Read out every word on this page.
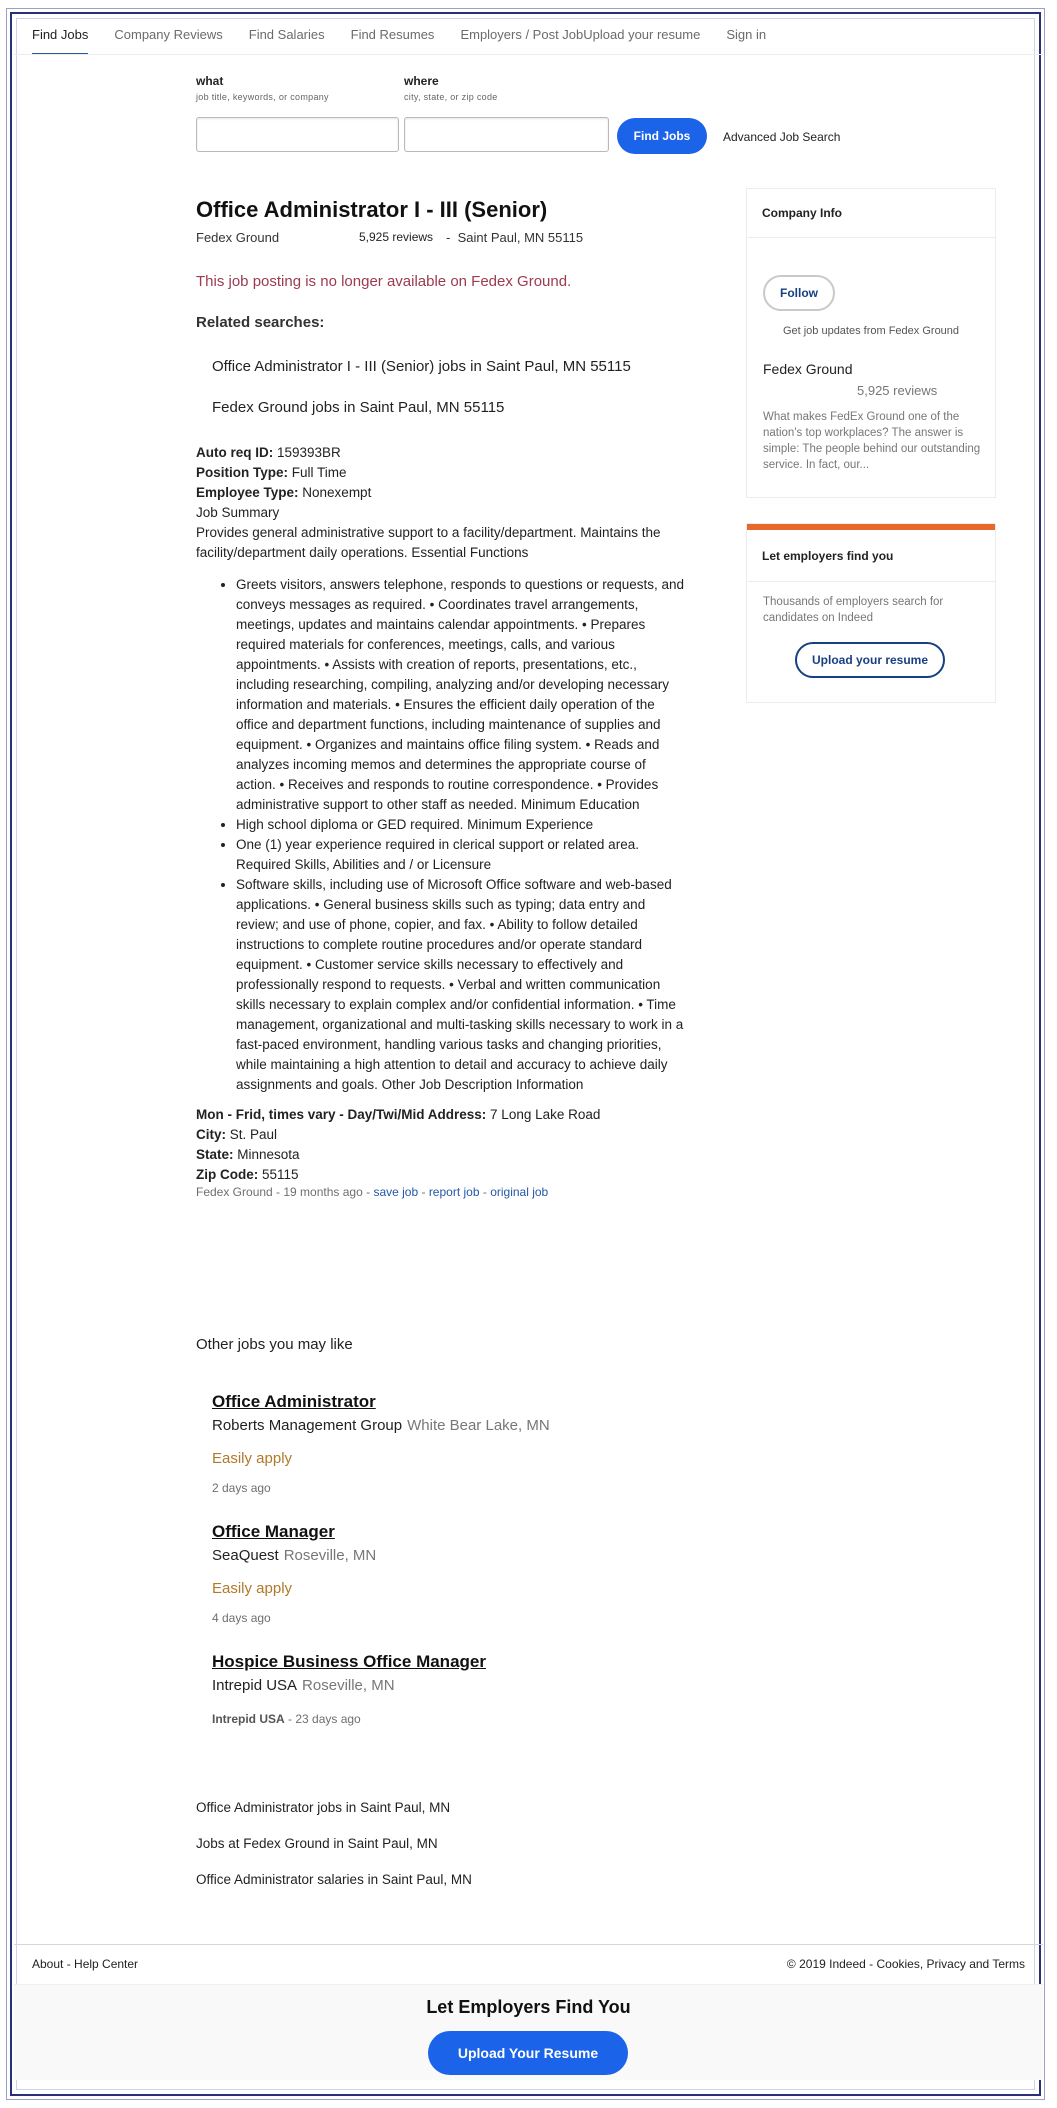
Find Jobs Company Reviews Find Salaries Find Resumes Employers / Post Job Upload your resume Sign in
what
job title, keywords, or company
where
city, state, or zip code
Find Jobs	Advanced Job Search
Office Administrator I - III (Senior)
Fedex Ground	5,925 reviews - Saint Paul, MN 55115
This job posting is no longer available on Fedex Ground.
Related searches:
Office Administrator I - III (Senior) jobs in Saint Paul, MN 55115
Fedex Ground jobs in Saint Paul, MN 55115
Auto req ID: 159393BR
Position Type: Full Time
Employee Type: Nonexempt
Job Summary
Provides general administrative support to a facility/department. Maintains the facility/department daily operations. Essential Functions
• Greets visitors, answers telephone, responds to questions or requests, and conveys messages as required. • Coordinates travel arrangements, meetings, updates and maintains calendar appointments. • Prepares required materials for conferences, meetings, calls, and various appointments. • Assists with creation of reports, presentations, etc., including researching, compiling, analyzing and/or developing necessary information and materials. • Ensures the efficient daily operation of the office and department functions, including maintenance of supplies and equipment. • Organizes and maintains office filing system. • Reads and analyzes incoming memos and determines the appropriate course of action. • Receives and responds to routine correspondence. • Provides administrative support to other staff as needed. Minimum Education
• High school diploma or GED required. Minimum Experience
• One (1) year experience required in clerical support or related area. Required Skills, Abilities and / or Licensure
• Software skills, including use of Microsoft Office software and web-based applications. • General business skills such as typing; data entry and review; and use of phone, copier, and fax. • Ability to follow detailed instructions to complete routine procedures and/or operate standard equipment. • Customer service skills necessary to effectively and professionally respond to requests. • Verbal and written communication skills necessary to explain complex and/or confidential information. • Time management, organizational and multi-tasking skills necessary to work in a fast-paced environment, handling various tasks and changing priorities, while maintaining a high attention to detail and accuracy to achieve daily assignments and goals. Other Job Description Information
Mon - Frid, times vary - Day/Twi/Mid Address: 7 Long Lake Road
City: St. Paul
State: Minnesota
Zip Code: 55115
Fedex Ground - 19 months ago - save job - report job - original job
Other jobs you may like
Office Administrator
Roberts Management Group White Bear Lake, MN
Easily apply
2 days ago
Office Manager
SeaQuest Roseville, MN
Easily apply
4 days ago
Hospice Business Office Manager
Intrepid USA Roseville, MN
Intrepid USA - 23 days ago
Office Administrator jobs in Saint Paul, MN
Jobs at Fedex Ground in Saint Paul, MN
Office Administrator salaries in Saint Paul, MN
Company Info
Follow
Get job updates from Fedex Ground
Fedex Ground
5,925 reviews
What makes FedEx Ground one of the nation's top workplaces? The answer is simple: The people behind our outstanding service. In fact, our...
Let employers find you
Thousands of employers search for candidates on Indeed
Upload your resume
About - Help Center	© 2019 Indeed - Cookies, Privacy and Terms
Let Employers Find You
Upload Your Resume
